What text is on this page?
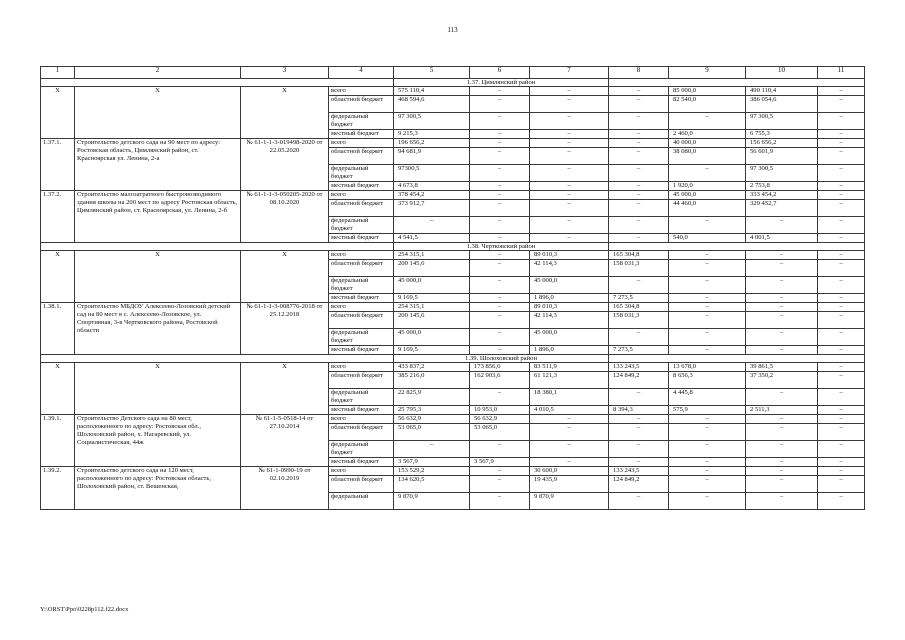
113
1	2	3	4	5	6	7	8	9	10	11
				1.37. Цимлянский район						
X	X	X	всего	575 110,4	–	–	–	85 000,0	490 110,4	–
			областной бюджет	468 594,6	–	–	–	82 540,0	386 054,6	–
			федеральный бюджет	97 300,5	–	–	–	–	97 300,5	–
			местный бюджет	9 215,3	–	–	–	2 460,0	6 755,3	–
1.37.1.	Строительство детского сада на 90 мест по адресу: Ростовская область, Цимлянский район, ст. Красноярская ул. Ленина, 2-а	№ 61-1-1-3-019498-2020 от 22.05.2020	всего	196 656,2	–	–	–	40 000,0	156 656,2	–
			областной бюджет	94 681,9	–	–	–	38 080,0	56 601,9	–
			федеральный бюджет	97300,5	–	–	–	–	97 300,5	–
			местный бюджет	4 673,8	–	–	–	1 920,0	2 753,8	–
1.37.2.	Строительство малозатратного быстровозводимого здания школы на 200 мест по адресу Ростовская область, Цимлянский район, ст. Красноярская, ул. Ленина, 2-б	№ 61-1-1-3-050205-2020 от 08.10.2020	всего	378 454,2	–	–	–	45 000,0	333 454,2	–
			областной бюджет	373 912,7	–	–	–	44 460,0	329 452,7	–
			федеральный бюджет	–	–	–	–	–	–	–
			местный бюджет	4 541,5	–	–	–	540,0	4 001,5	–
				1.38. Чертковский район						
X	X	X	всего	254 315,1	–	89 010,3	165 304,8	–	–	–
			областной бюджет	200 145,6	–	42 114,3	158 031,3	–	–	–
			федеральный бюджет	45 000,0	–	45 000,0	–	–	–	–
			местный бюджет	9 169,5	–	1 896,0	7 273,5	–	–	–
1.38.1.	Строительство МБДОУ Алексеево-Лозовский детский сад на 80 мест в с. Алексеево-Лозовское, ул. Спортивная, 3-в Чертковского района, Ростовской области	№ 61-1-1-3-008776-2018 от 25.12.2018	всего	254 315,1	–	89 010,3	165 304,8	–	–	–
			областной бюджет	200 145,6	–	42 114,3	158 031,3	–	–	–
			федеральный бюджет	45 000,0	–	45 000,0	–	–	–	–
			местный бюджет	9 169,5	–	1 896,0	7 273,5	–	–	–
				1.39. Шолоховский район						
X	X	X	всего	433 837,2	173 856,6	83 511,9	133 243,5	13 678,0	39 861,5	–
			областной бюджет	385 216,0	162 903,6	61 121,3	124 849,2	8 656,3	37 350,2	–
			федеральный бюджет	22 825,9	–	18 380,1	–	4 445,8	–	–
			местный бюджет	25 795,3	10 953,0	4 010,5	8 394,3	575,9	2 511,3	–
1.39.1.	Строительство Детского сада на 80 мест, расположенного по адресу: Ростовская обл., Шолоховский район, х. Нагаревский, ул. Социалистическая, 44ж	№ 61-1-5-0518-14 от 27.10.2014	всего	56 632,9	56 632,9	–	–	–	–	–
			областной бюджет	53 065,0	53 065,0	–	–	–	–	–
			федеральный бюджет	–	–	–	–	–	–	–
			местный бюджет	3 567,9	3 567,9	–	–	–	–	–
1.39.2.	Строительство детского сада на 120 мест, расположенного по адресу: Ростовская область, Шолоховский район, ст. Вешенская,	№ 61-1-0990-19 от 02.10.2019	всего	153 529,2	–	30 600,0	133 243,5	–	–	–
			областной бюджет	134 620,5	–	19 435,9	124 849,2	–	–	–
			федеральный	9 870,9	–	9 870,9	–	–	–	–
Y:\ORST\Ppo\0228p112.f22.docx
